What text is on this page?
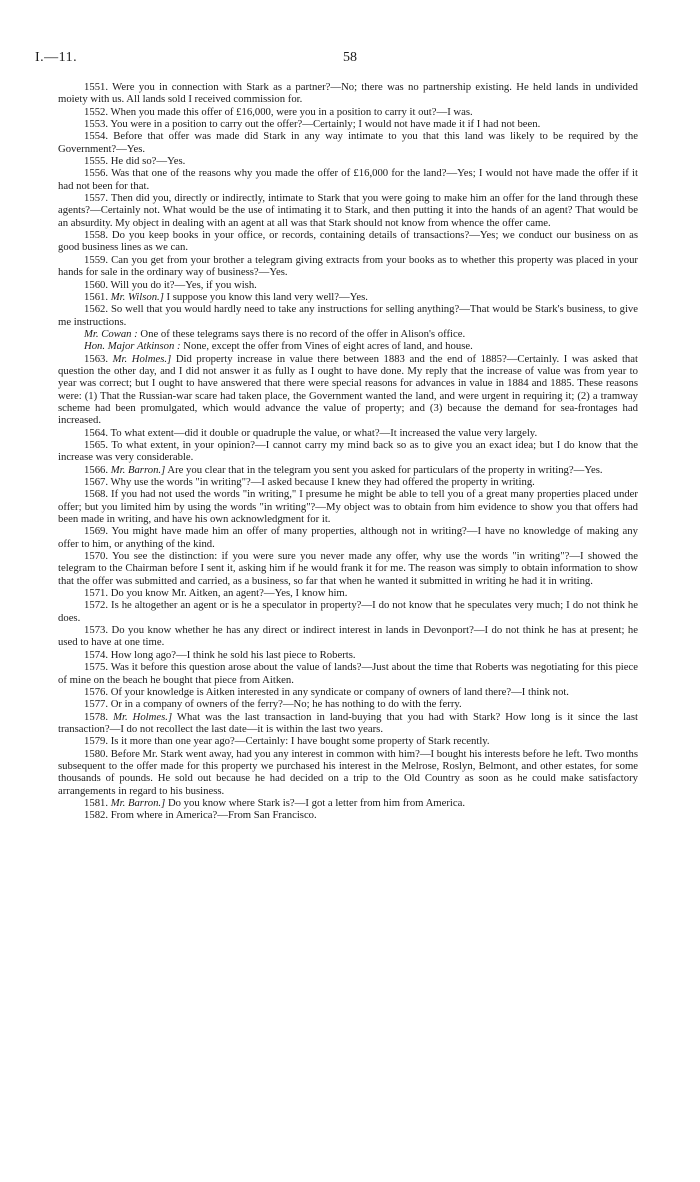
I.—11.	58

1551. Were you in connection with Stark as a partner?—No; there was no partnership existing. He held lands in undivided moiety with us. All lands sold I received commission for.

1552. When you made this offer of £16,000, were you in a position to carry it out?—I was.

1553. You were in a position to carry out the offer?—Certainly; I would not have made it if I had not been.

1554. Before that offer was made did Stark in any way intimate to you that this land was likely to be required by the Government?—Yes.

1555. He did so?—Yes.

1556. Was that one of the reasons why you made the offer of £16,000 for the land?—Yes; I would not have made the offer if it had not been for that.

1557. Then did you, directly or indirectly, intimate to Stark that you were going to make him an offer for the land through these agents?—Certainly not. What would be the use of intimating it to Stark, and then putting it into the hands of an agent? That would be an absurdity. My object in dealing with an agent at all was that Stark should not know from whence the offer came.

1558. Do you keep books in your office, or records, containing details of transactions?—Yes; we conduct our business on as good business lines as we can.

1559. Can you get from your brother a telegram giving extracts from your books as to whether this property was placed in your hands for sale in the ordinary way of business?—Yes.

1560. Will you do it?—Yes, if you wish.

1561. Mr. Wilson.] I suppose you know this land very well?—Yes.

1562. So well that you would hardly need to take any instructions for selling anything?—That would be Stark's business, to give me instructions.

Mr. Cowan : One of these telegrams says there is no record of the offer in Alison's office.

Hon. Major Atkinson : None, except the offer from Vines of eight acres of land, and house.

1563. Mr. Holmes.] Did property increase in value there between 1883 and the end of 1885?—Certainly. I was asked that question the other day, and I did not answer it as fully as I ought to have done. My reply that the increase of value was from year to year was correct; but I ought to have answered that there were special reasons for advances in value in 1884 and 1885. These reasons were: (1) That the Russian-war scare had taken place, the Government wanted the land, and were urgent in requiring it; (2) a tramway scheme had been promulgated, which would advance the value of property; and (3) because the demand for sea-frontages had increased.

1564. To what extent—did it double or quadruple the value, or what?—It increased the value very largely.

1565. To what extent, in your opinion?—I cannot carry my mind back so as to give you an exact idea; but I do know that the increase was very considerable.

1566. Mr. Barron.] Are you clear that in the telegram you sent you asked for particulars of the property in writing?—Yes.

1567. Why use the words "in writing"?—I asked because I knew they had offered the property in writing.

1568. If you had not used the words "in writing," I presume he might be able to tell you of a great many properties placed under offer; but you limited him by using the words "in writing"?—My object was to obtain from him evidence to show you that offers had been made in writing, and have his own acknowledgment for it.

1569. You might have made him an offer of many properties, although not in writing?—I have no knowledge of making any offer to him, or anything of the kind.

1570. You see the distinction: if you were sure you never made any offer, why use the words "in writing"?—I showed the telegram to the Chairman before I sent it, asking him if he would frank it for me. The reason was simply to obtain information to show that the offer was submitted and carried, as a business, so far that when he wanted it submitted in writing he had it in writing.

1571. Do you know Mr. Aitken, an agent?—Yes, I know him.

1572. Is he altogether an agent or is he a speculator in property?—I do not know that he speculates very much; I do not think he does.

1573. Do you know whether he has any direct or indirect interest in lands in Devonport?—I do not think he has at present; he used to have at one time.

1574. How long ago?—I think he sold his last piece to Roberts.

1575. Was it before this question arose about the value of lands?—Just about the time that Roberts was negotiating for this piece of mine on the beach he bought that piece from Aitken.

1576. Of your knowledge is Aitken interested in any syndicate or company of owners of land there?—I think not.

1577. Or in a company of owners of the ferry?—No; he has nothing to do with the ferry.

1578. Mr. Holmes.] What was the last transaction in land-buying that you had with Stark? How long is it since the last transaction?—I do not recollect the last date—it is within the last two years.

1579. Is it more than one year ago?—Certainly: I have bought some property of Stark recently.

1580. Before Mr. Stark went away, had you any interest in common with him?—I bought his interests before he left. Two months subsequent to the offer made for this property we purchased his interest in the Melrose, Roslyn, Belmont, and other estates, for some thousands of pounds. He sold out because he had decided on a trip to the Old Country as soon as he could make satisfactory arrangements in regard to his business.

1581. Mr. Barron.] Do you know where Stark is?—I got a letter from him from America.

1582. From where in America?—From San Francisco.
